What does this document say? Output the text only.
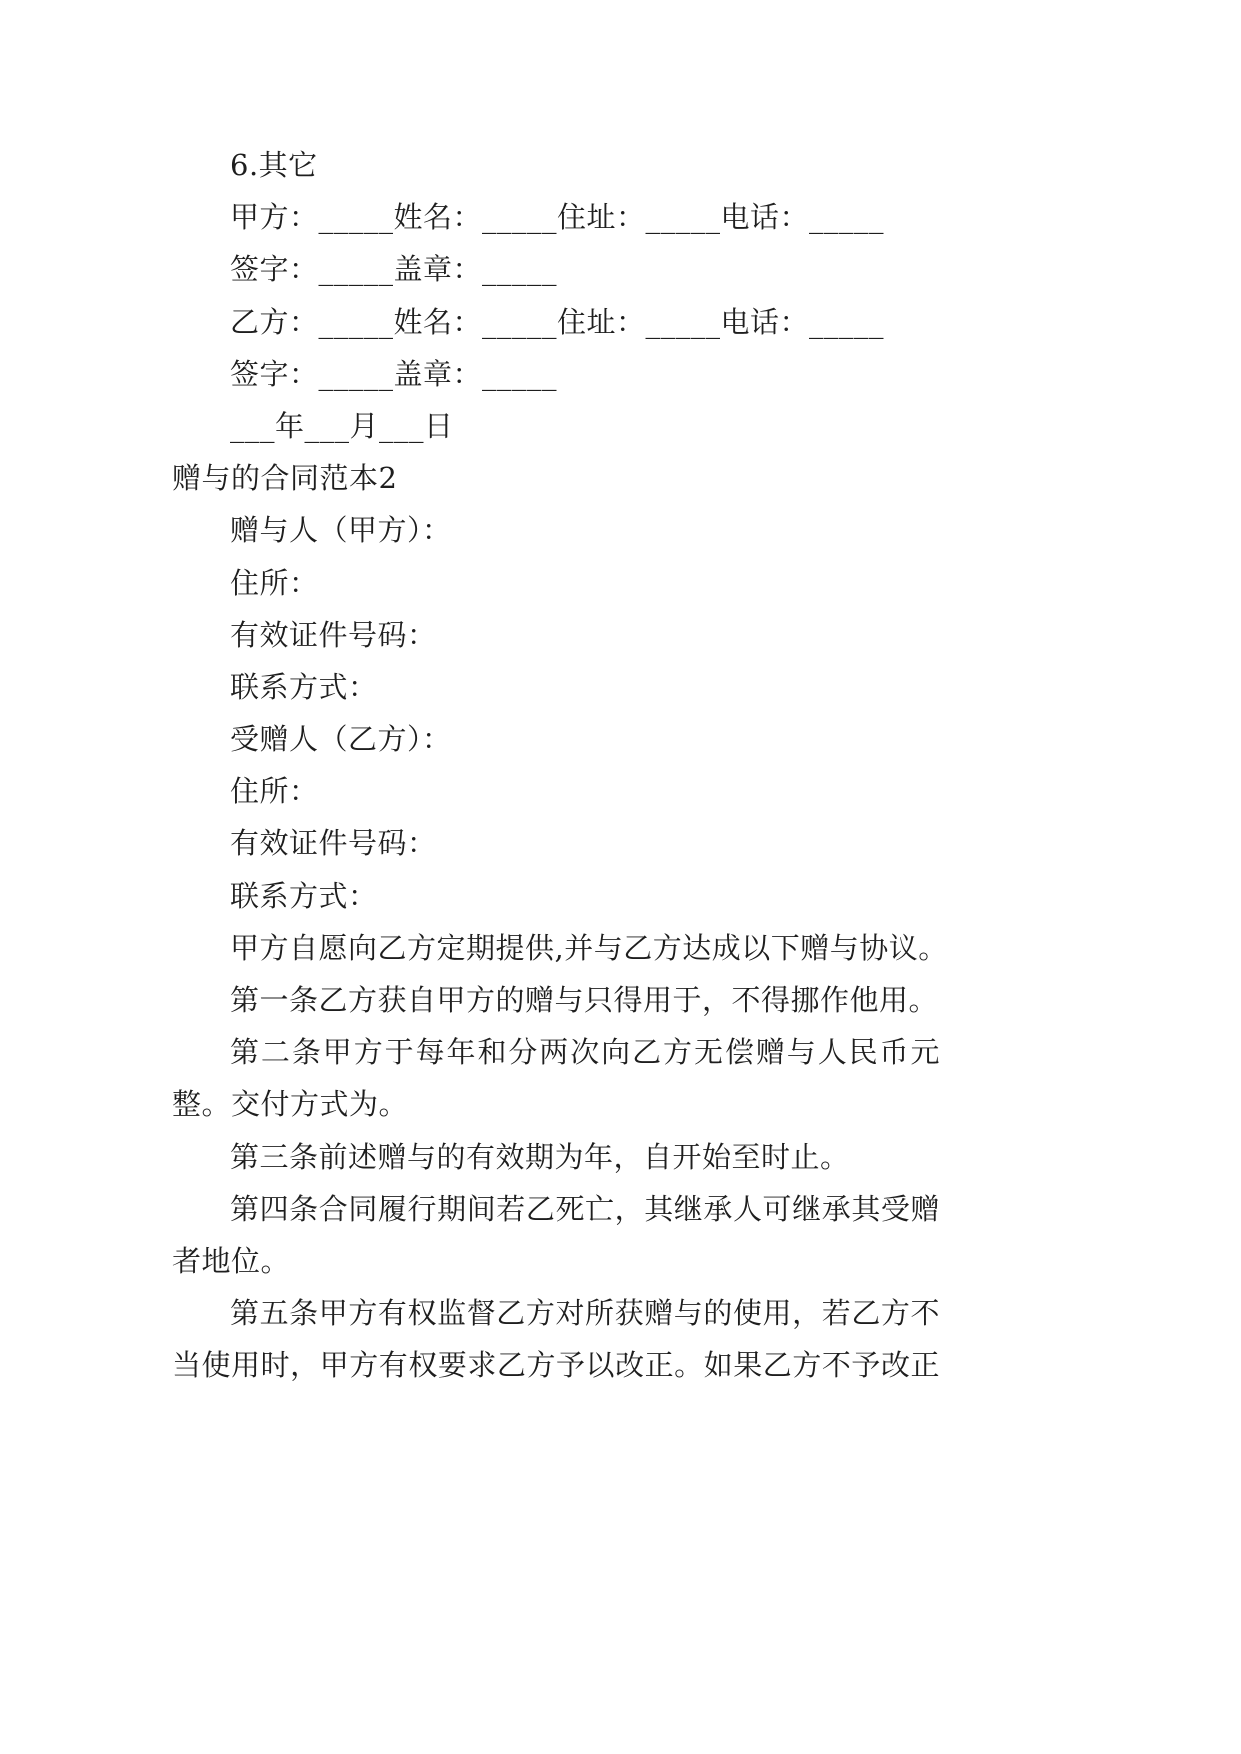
6.其它
甲方：_____姓名：_____住址：_____电话：_____
签字：_____盖章：_____
乙方：_____姓名：_____住址：_____电话：_____
签字：_____盖章：_____
___年___月___日
赠与的合同范本2
赠与人（甲方）：
住所：
有效证件号码：
联系方式：
受赠人（乙方）：
住所：
有效证件号码：
联系方式：
甲方自愿向乙方定期提供,并与乙方达成以下赠与协议。
第一条乙方获自甲方的赠与只得用于，不得挪作他用。
第二条甲方于每年和分两次向乙方无偿赠与人民币元
整。交付方式为。
第三条前述赠与的有效期为年，自开始至时止。
第四条合同履行期间若乙死亡，其继承人可继承其受赠
者地位。
第五条甲方有权监督乙方对所获赠与的使用，若乙方不
当使用时，甲方有权要求乙方予以改正。如果乙方不予改正
